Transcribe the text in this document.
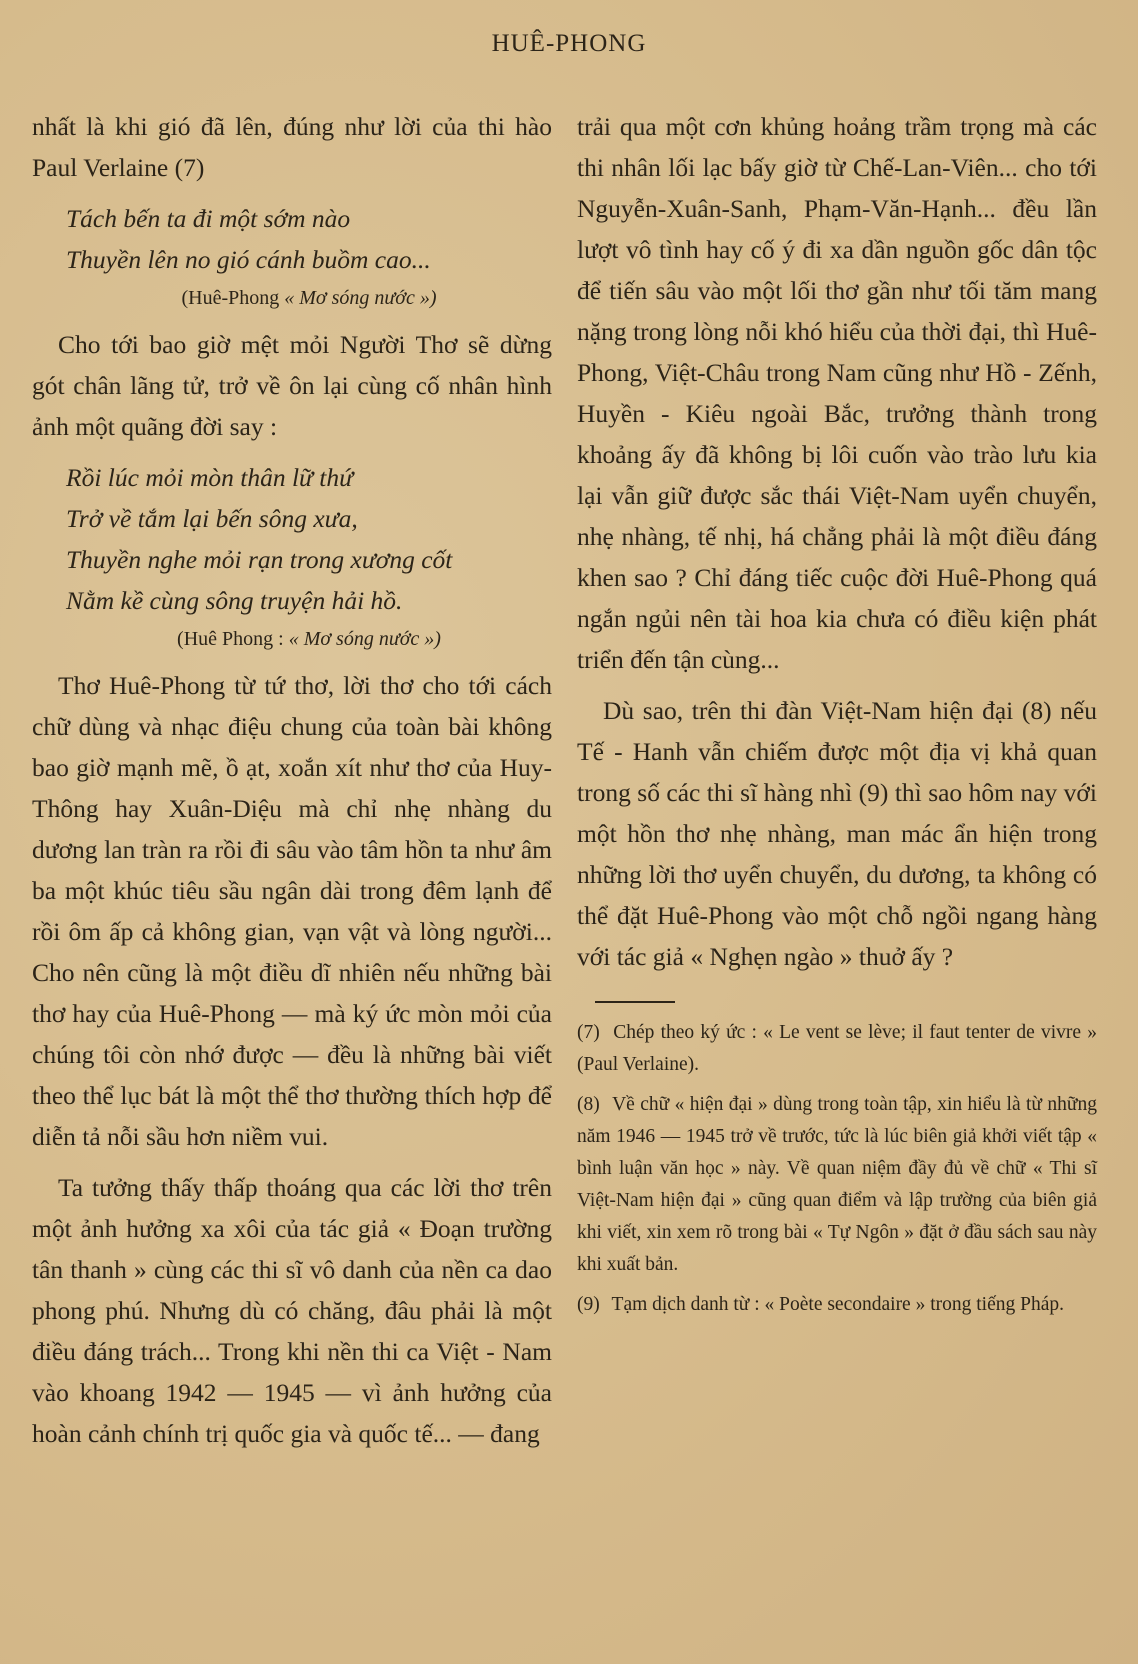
HUÊ-PHONG

nhất là khi gió đã lên, đúng như lời của thi hào Paul Verlaine (7)

Tách bến ta đi một sớm nào
Thuyền lên no gió cánh buồm cao...
(Huê-Phong « Mơ sóng nước »)

Cho tới bao giờ mệt mỏi Người Thơ sẽ dừng gót chân lãng tử, trở về ôn lại cùng cố nhân hình ảnh một quãng đời say :

Rồi lúc mỏi mòn thân lữ thứ
Trở về tắm lại bến sông xưa,
Thuyền nghe mỏi rạn trong xương cốt
Nằm kề cùng sông truyện hải hồ.
(Huê Phong : « Mơ sóng nước »)

Thơ Huê-Phong từ tứ thơ, lời thơ cho tới cách chữ dùng và nhạc điệu chung của toàn bài không bao giờ mạnh mẽ, ồ ạt, xoắn xít như thơ của Huy-Thông hay Xuân-Diệu mà chỉ nhẹ nhàng du dương lan tràn ra rồi đi sâu vào tâm hồn ta như âm ba một khúc tiêu sầu ngân dài trong đêm lạnh để rồi ôm ấp cả không gian, vạn vật và lòng người... Cho nên cũng là một điều dĩ nhiên nếu những bài thơ hay của Huê-Phong — mà ký ức mòn mỏi của chúng tôi còn nhớ được — đều là những bài viết theo thể lục bát là một thể thơ thường thích hợp để diễn tả nỗi sầu hơn niềm vui.

Ta tưởng thấy thấp thoáng qua các lời thơ trên một ảnh hưởng xa xôi của tác giả « Đoạn trường tân thanh » cùng các thi sĩ vô danh của nền ca dao phong phú. Nhưng dù có chăng, đâu phải là một điều đáng trách... Trong khi nền thi ca Việt - Nam vào khoang 1942 — 1945 — vì ảnh hưởng của hoàn cảnh chính trị quốc gia và quốc tế... — đang

trải qua một cơn khủng hoảng trầm trọng mà các thi nhân lối lạc bấy giờ từ Chế-Lan-Viên... cho tới Nguyễn-Xuân-Sanh, Phạm-Văn-Hạnh... đều lần lượt vô tình hay cố ý đi xa dần nguồn gốc dân tộc để tiến sâu vào một lối thơ gần như tối tăm mang nặng trong lòng nỗi khó hiểu của thời đại, thì Huê-Phong, Việt-Châu trong Nam cũng như Hồ - Zếnh, Huyền - Kiêu ngoài Bắc, trưởng thành trong khoảng ấy đã không bị lôi cuốn vào trào lưu kia lại vẫn giữ được sắc thái Việt-Nam uyển chuyển, nhẹ nhàng, tế nhị, há chẳng phải là một điều đáng khen sao ? Chỉ đáng tiếc cuộc đời Huê-Phong quá ngắn ngủi nên tài hoa kia chưa có điều kiện phát triển đến tận cùng...

Dù sao, trên thi đàn Việt-Nam hiện đại (8) nếu Tế - Hanh vẫn chiếm được một địa vị khả quan trong số các thi sĩ hàng nhì (9) thì sao hôm nay với một hồn thơ nhẹ nhàng, man mác ẩn hiện trong những lời thơ uyển chuyển, du dương, ta không có thể đặt Huê-Phong vào một chỗ ngồi ngang hàng với tác giả « Nghẹn ngào » thuở ấy ?

(7) Chép theo ký ức : « Le vent se lève; il faut tenter de vivre » (Paul Verlaine).

(8) Về chữ « hiện đại » dùng trong toàn tập, xin hiểu là từ những năm 1946 — 1945 trở về trước, tức là lúc biên giả khởi viết tập « bình luận văn học » này. Về quan niệm đầy đủ về chữ « Thi sĩ Việt-Nam hiện đại » cũng quan điểm và lập trường của biên giả khi viết, xin xem rõ trong bài « Tự Ngôn » đặt ở đầu sách sau này khi xuất bản.

(9) Tạm dịch danh từ : « Poète secondaire » trong tiếng Pháp.
